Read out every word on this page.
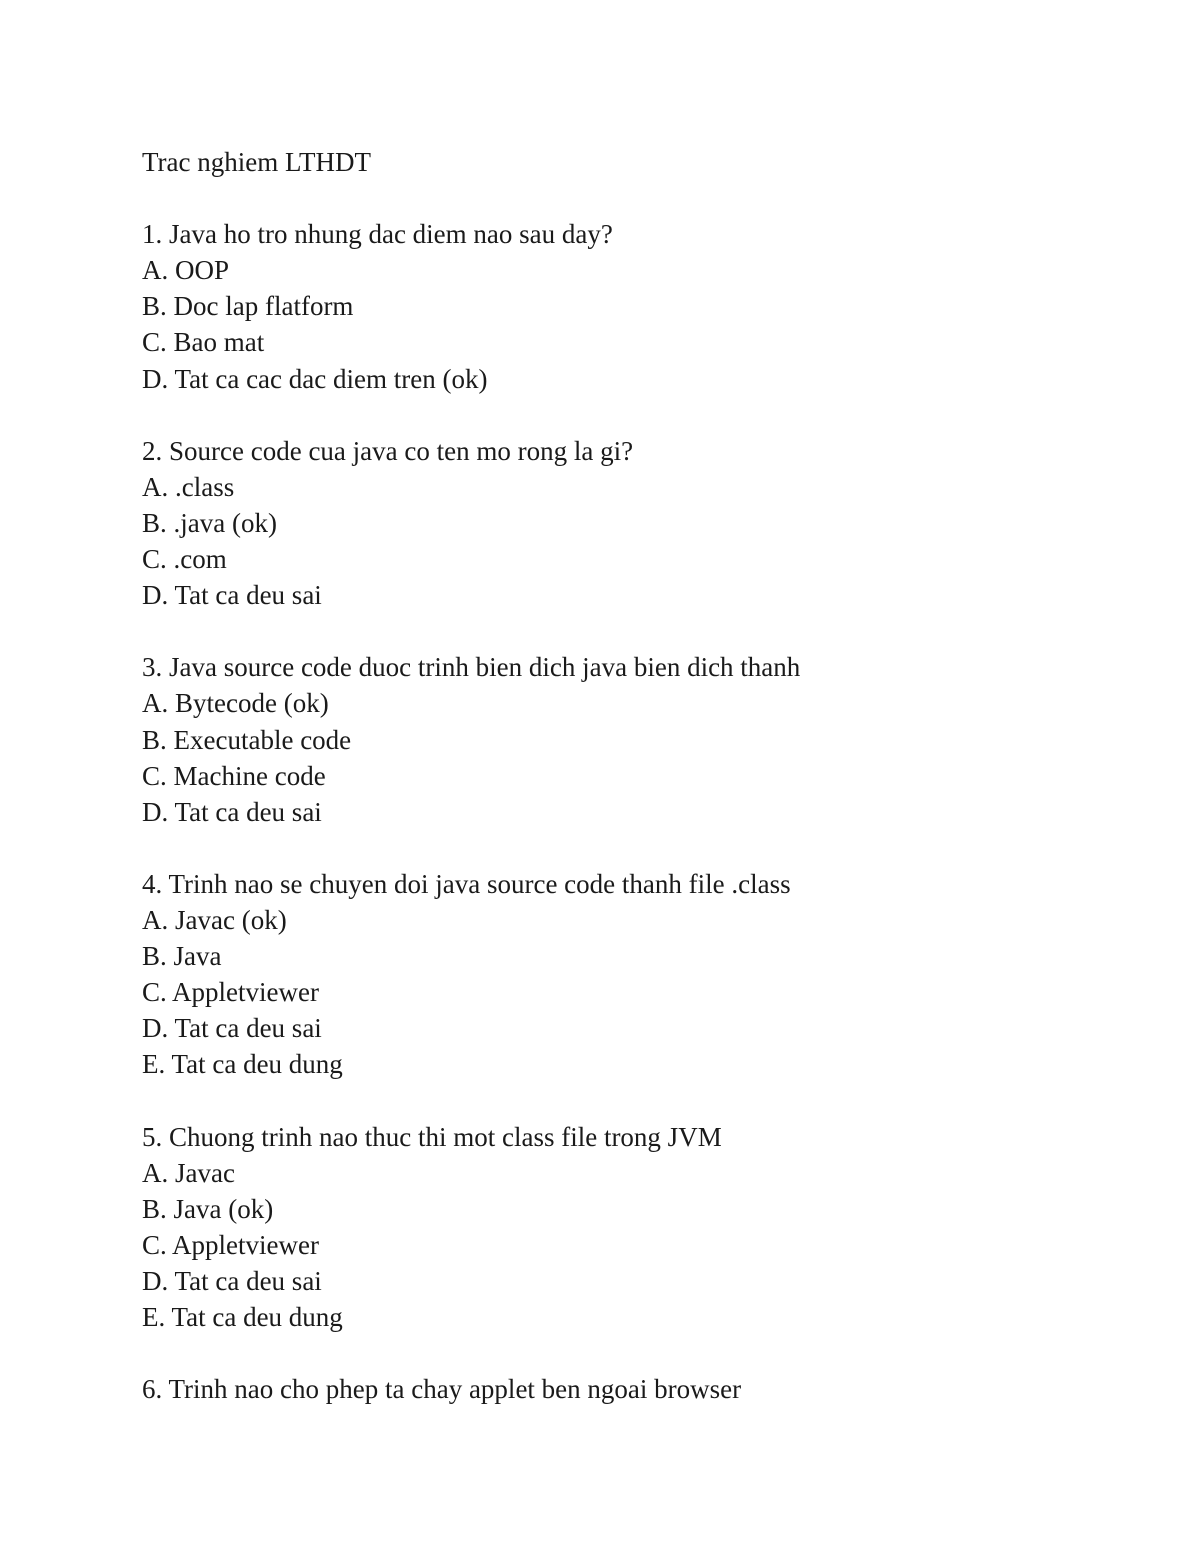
Trac nghiem LTHDT
1. Java ho tro nhung dac diem nao sau day?
A. OOP
B. Doc lap flatform
C. Bao mat
D. Tat ca cac dac diem tren (ok)
2. Source code cua java co ten mo rong la gi?
A. .class
B. .java (ok)
C. .com
D. Tat ca deu sai
3. Java source code duoc trinh bien dich java bien dich thanh
A. Bytecode (ok)
B. Executable code
C. Machine code
D. Tat ca deu sai
4. Trinh nao se chuyen doi java source code thanh file .class
A. Javac (ok)
B. Java
C. Appletviewer
D. Tat ca deu sai
E. Tat ca deu dung
5. Chuong trinh nao thuc thi mot class file trong JVM
A. Javac
B. Java (ok)
C. Appletviewer
D. Tat ca deu sai
E. Tat ca deu dung
6. Trinh nao cho phep ta chay applet ben ngoai browser
